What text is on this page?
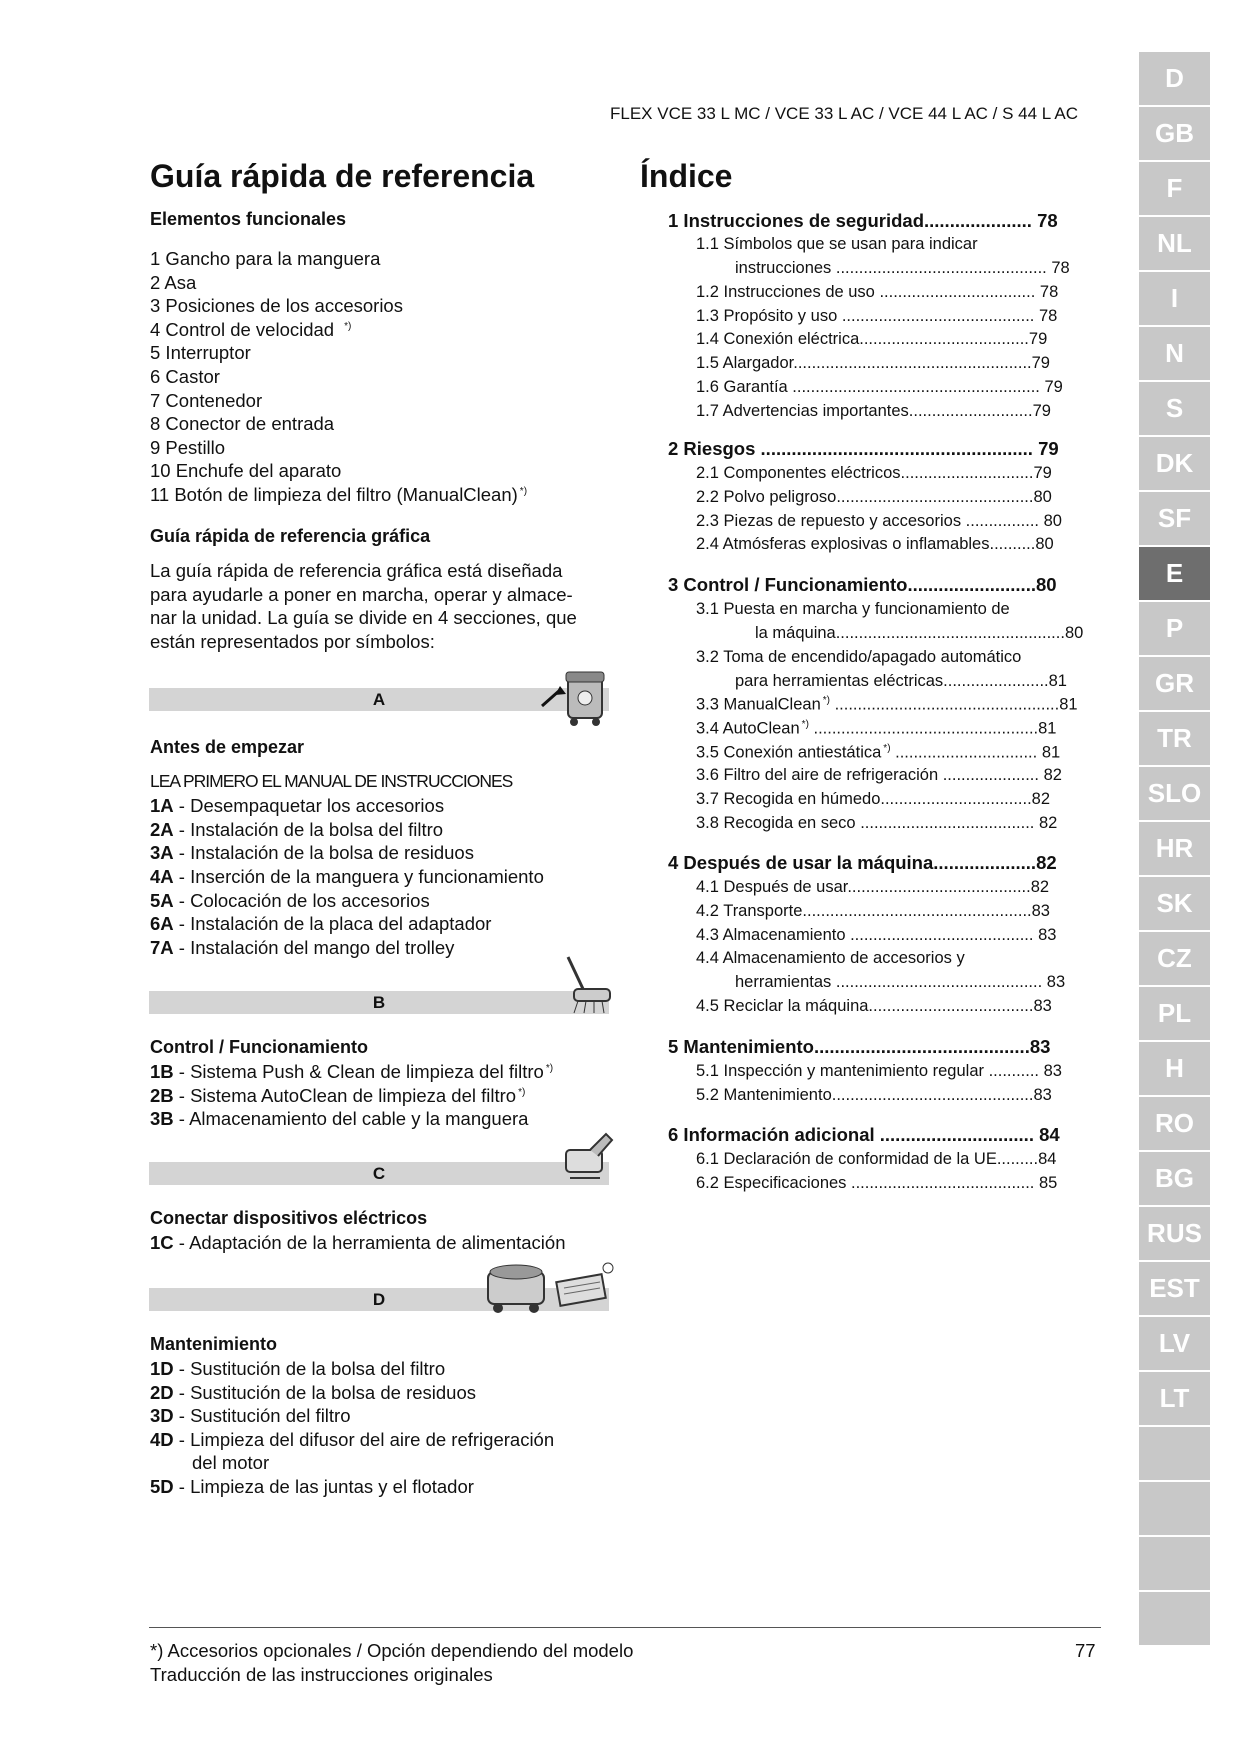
FLEX VCE 33 L MC / VCE 33 L AC / VCE 44 L AC / S 44 L AC
Guía rápida de referencia
Elementos funcionales
1 Gancho para la manguera
2 Asa
3 Posiciones de los accesorios
4 Control de velocidad *)
5 Interruptor
6 Castor
7 Contenedor
8 Conector de entrada
9 Pestillo
10 Enchufe del aparato
11 Botón de limpieza del filtro (ManualClean) *)
Guía rápida de referencia gráfica
La guía rápida de referencia gráfica está diseñada
para ayudarle a poner en marcha, operar y almace-
nar la unidad. La guía se divide en 4 secciones, que
están representados por símbolos:
A
Antes de empezar
LEA PRIMERO EL MANUAL DE INSTRUCCIONES
1A - Desempaquetar los accesorios
2A - Instalación de la bolsa del filtro
3A - Instalación de la bolsa de residuos
4A - Inserción de la manguera y funcionamiento
5A - Colocación de los accesorios
6A - Instalación de la placa del adaptador
7A - Instalación del mango del trolley
B
Control / Funcionamiento
1B - Sistema Push & Clean de limpieza del filtro *)
2B - Sistema AutoClean de limpieza del filtro *)
3B - Almacenamiento del cable y la manguera
C
Conectar dispositivos eléctricos
1C - Adaptación de la herramienta de alimentación
D
Mantenimiento
1D - Sustitución de la bolsa del filtro
2D - Sustitución de la bolsa de residuos
3D - Sustitución del filtro
4D - Limpieza del difusor del aire de refrigeración
del motor
5D - Limpieza de las juntas y el flotador
Índice
1 Instrucciones de seguridad..................... 78
1.1 Símbolos que se usan para indicar
instrucciones .............................................. 78
1.2 Instrucciones de uso .................................. 78
1.3 Propósito y uso .......................................... 78
1.4 Conexión eléctrica.....................................79
1.5 Alargador....................................................79
1.6 Garantía ...................................................... 79
1.7 Advertencias importantes...........................79
2 Riesgos ..................................................... 79
2.1 Componentes eléctricos.............................79
2.2 Polvo peligroso...........................................80
2.3 Piezas de repuesto y accesorios ................ 80
2.4 Atmósferas explosivas o inflamables..........80
3 Control / Funcionamiento.........................80
3.1 Puesta en marcha y funcionamiento de
la máquina..................................................80
3.2 Toma de encendido/apagado automático
para herramientas eléctricas.......................81
3.3 ManualClean *) .................................................81
3.4 AutoClean *) .................................................81
3.5 Conexión antiestática *) ............................... 81
3.6 Filtro del aire de refrigeración ..................... 82
3.7 Recogida en húmedo.................................82
3.8 Recogida en seco ...................................... 82
4 Después de usar la máquina....................82
4.1 Después de usar........................................82
4.2 Transporte..................................................83
4.3 Almacenamiento ........................................ 83
4.4 Almacenamiento de accesorios y
herramientas ............................................. 83
4.5 Reciclar la máquina....................................83
5 Mantenimiento..........................................83
5.1 Inspección y mantenimiento regular ........... 83
5.2 Mantenimiento............................................83
6 Información adicional .............................. 84
6.1 Declaración de conformidad de la UE.........84
6.2 Especificaciones ........................................ 85
D
GB
F
NL
I
N
S
DK
SF
E
P
GR
TR
SLO
HR
SK
CZ
PL
H
RO
BG
RUS
EST
LV
LT
*) Accesorios opcionales / Opción dependiendo del modelo
Traducción de las instrucciones originales
77
